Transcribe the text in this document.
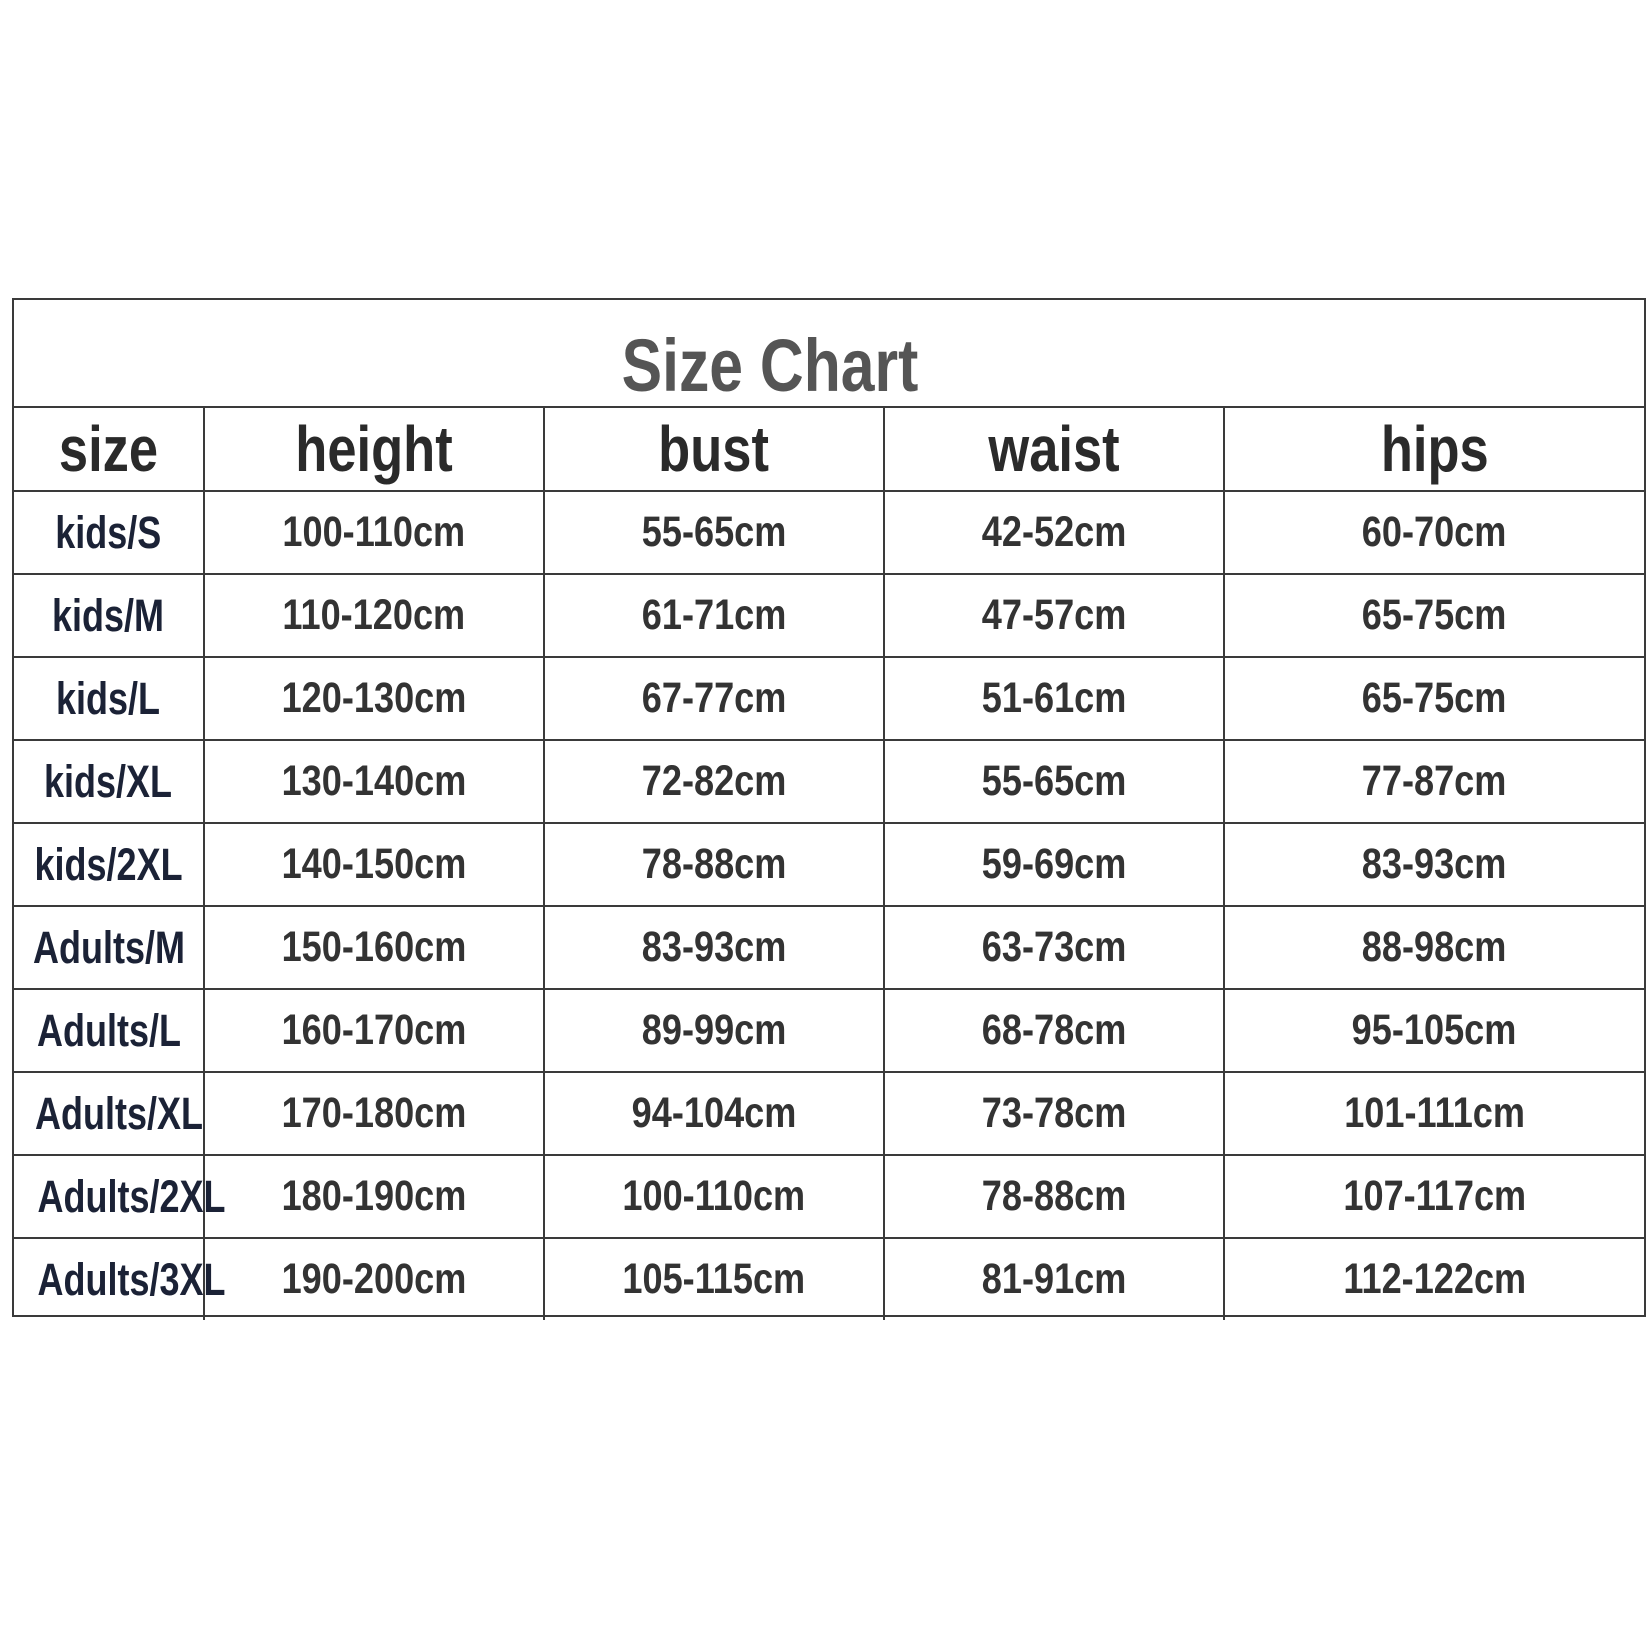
Size Chart
size	height	bust	waist	hips
kids/S	100-110cm	55-65cm	42-52cm	60-70cm
kids/M	110-120cm	61-71cm	47-57cm	65-75cm
kids/L	120-130cm	67-77cm	51-61cm	65-75cm
kids/XL	130-140cm	72-82cm	55-65cm	77-87cm
kids/2XL	140-150cm	78-88cm	59-69cm	83-93cm
Adults/M	150-160cm	83-93cm	63-73cm	88-98cm
Adults/L	160-170cm	89-99cm	68-78cm	95-105cm
Adults/XL	170-180cm	94-104cm	73-78cm	101-111cm
Adults/2XL	180-190cm	100-110cm	78-88cm	107-117cm
Adults/3XL	190-200cm	105-115cm	81-91cm	112-122cm
